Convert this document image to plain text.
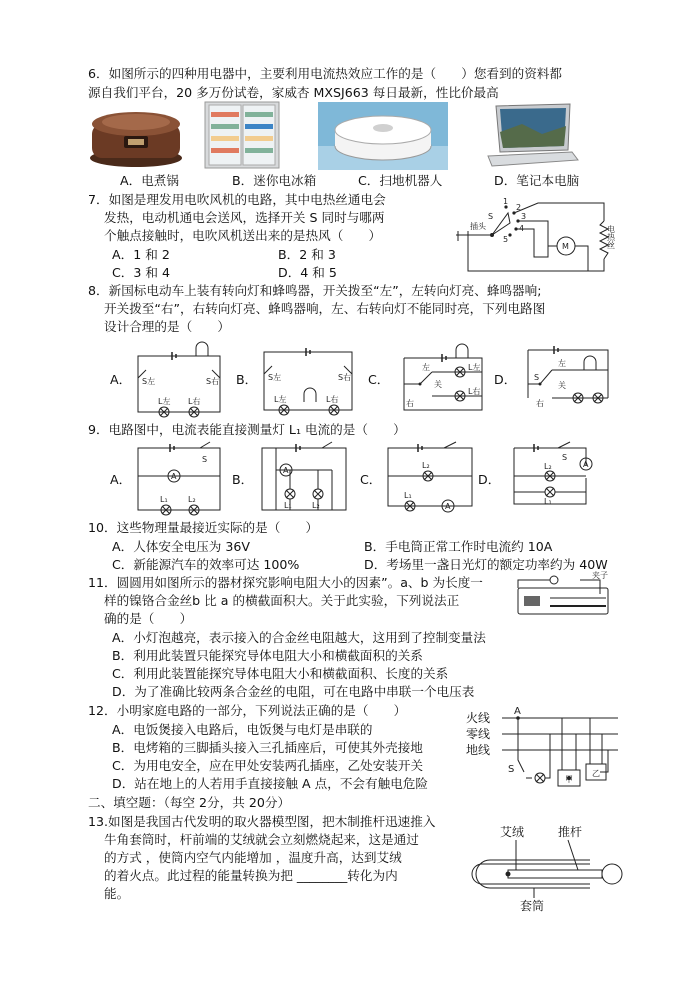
6．如图所示的四种用电器中，主要利用电流热效应工作的是（　　）您看到的资料都
源自我们平台，20 多万份试卷，家威杏 MXSJ663 每日最新，性比价最高
A．电煮锅	B．迷你电冰箱	C．扫地机器人	D．笔记本电脑
7．如图是理发用电吹风机的电路，其中电热丝通电会
发热，电动机通电会送风，选择开关 S 同时与哪两
个触点接触时，电吹风机送出来的是热风（　　）
A．1 和 2	B．2 和 3
C．3 和 4	D．4 和 5
插头
S
M
1
2
3
4
5	电热丝
8．新国标电动车上装有转向灯和蜂鸣器，开关拨至“左”，左转向灯亮、蜂鸣器响;
开关拨至“右”，右转向灯亮、蜂鸣器响，左、右转向灯不能同时亮，下列电路图
设计合理的是（　　）
A．	B．	C．	D．
S左	S右
L左 L右
S左	S右
L左	L右
左
关
右
L左
L右
左
S
关
右
9．电路图中，电流表能直接测量灯 L₁ 电流的是（　　）
A．	B．	C．	D．
A
S
L₁	L₂
A
L₁	L₂
L₂
L₁
A
A
S
L₂
L₁
10．这些物理量最接近实际的是（　　）
A．人体安全电压为 36V	B．手电筒正常工作时电流约 10A
C．新能源汽车的效率可达 100%	D．考场里一盏日光灯的额定功率约为 40W
11．圆圆用如图所示的器材探究影响电阻大小的因素”。a、b 为长度一
样的镍铬合金丝b 比 a 的横截面积大。关于此实验，下列说法正
确的是（　　）
A．小灯泡越亮，表示接入的合金丝电阻越大，这用到了控制变量法
B．利用此装置只能探究导体电阻大小和横截面积的关系
C．利用此装置能探究导体电阻大小和横截面积、长度的关系
D．为了准确比较两条合金丝的电阻，可在电路中串联一个电压表
夹子
12．小明家庭电路的一部分，下列说法正确的是（　　）
A．电饭煲接入电路后，电饭煲与电灯是串联的
B．电烤箱的三脚插头接入三孔插座后，可使其外壳接地
C．为用电安全，应在甲处安装两孔插座，乙处安装开关
D．站在地上的人若用手直接接触 A 点，不会有触电危险
火线
零线
地线
A
S
甲
乙
二、填空题：（每空 2分，共 20分）
13.如图是我国古代发明的取火器模型图，把木制推杆迅速推入
牛角套筒时，杆前端的艾绒就会立刻燃烧起来，这是通过
的方式 ，使筒内空气内能增加 ，温度升高，达到艾绒
的着火点。此过程的能量转换为把 ________转化为内
能。
艾绒	推杆
套筒
